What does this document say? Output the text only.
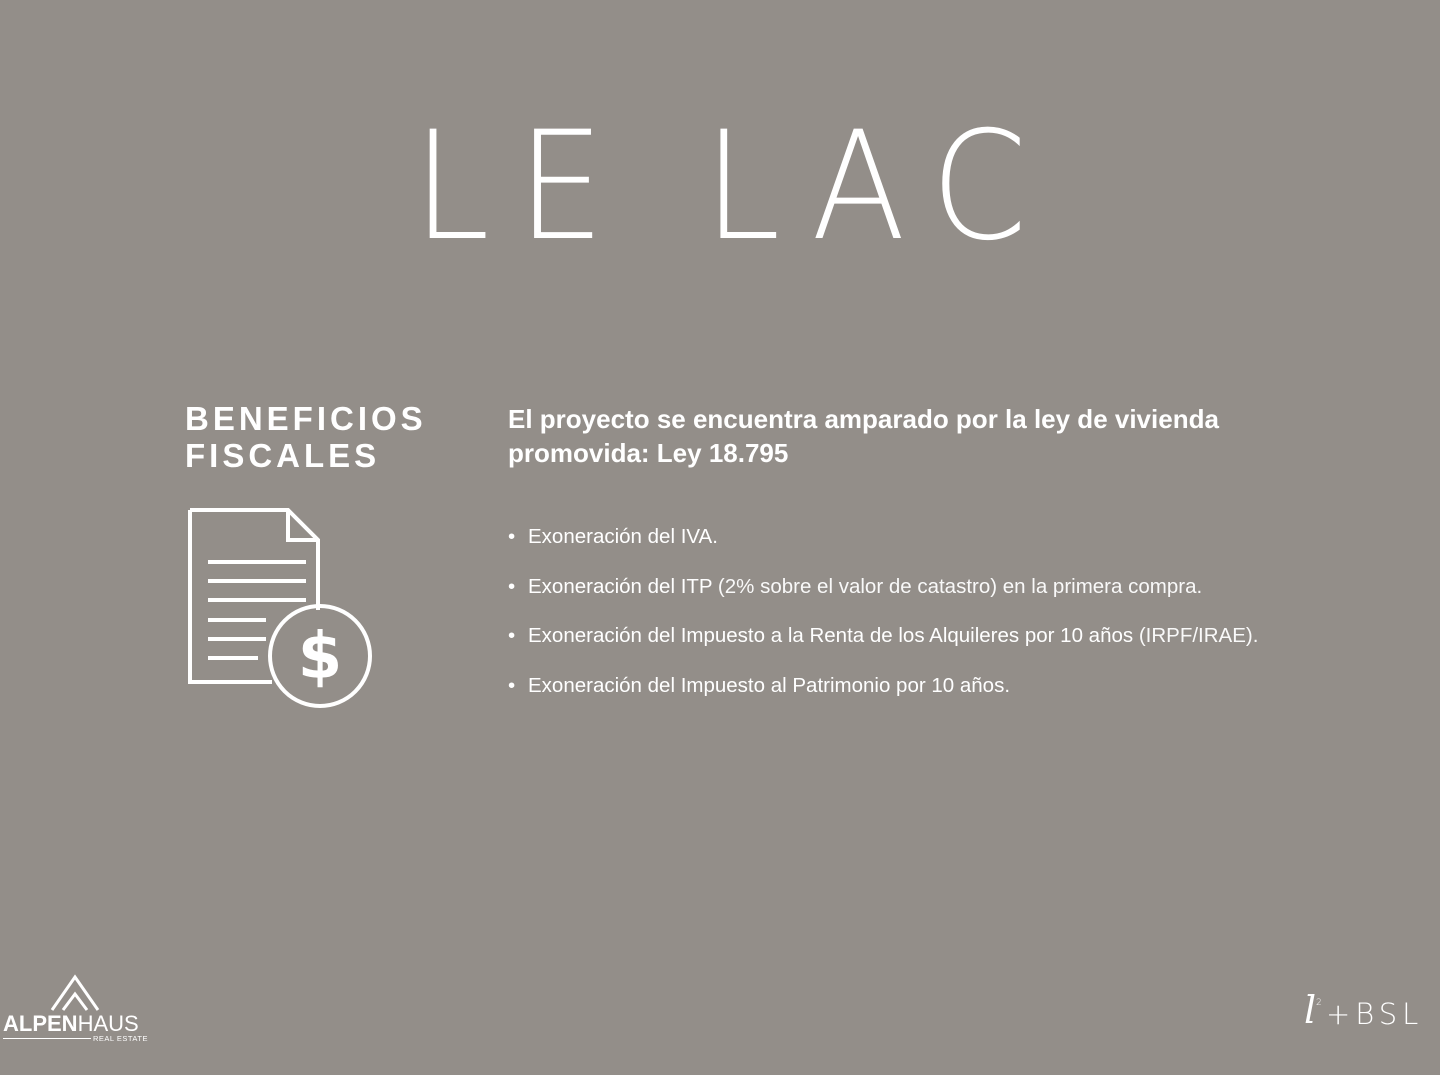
LE LAC
BENEFICIOS
FISCALES
$
El proyecto se encuentra amparado por la ley de vivienda
promovida: Ley 18.795
• Exoneración del IVA.
• Exoneración del ITP (2% sobre el valor de catastro) en la primera compra.
• Exoneración del Impuesto a la Renta de los Alquileres por 10 años (IRPF/IRAE).
• Exoneración del Impuesto al Patrimonio por 10 años.
ALPENHAUS
REAL ESTATE
l 2 +BSL
